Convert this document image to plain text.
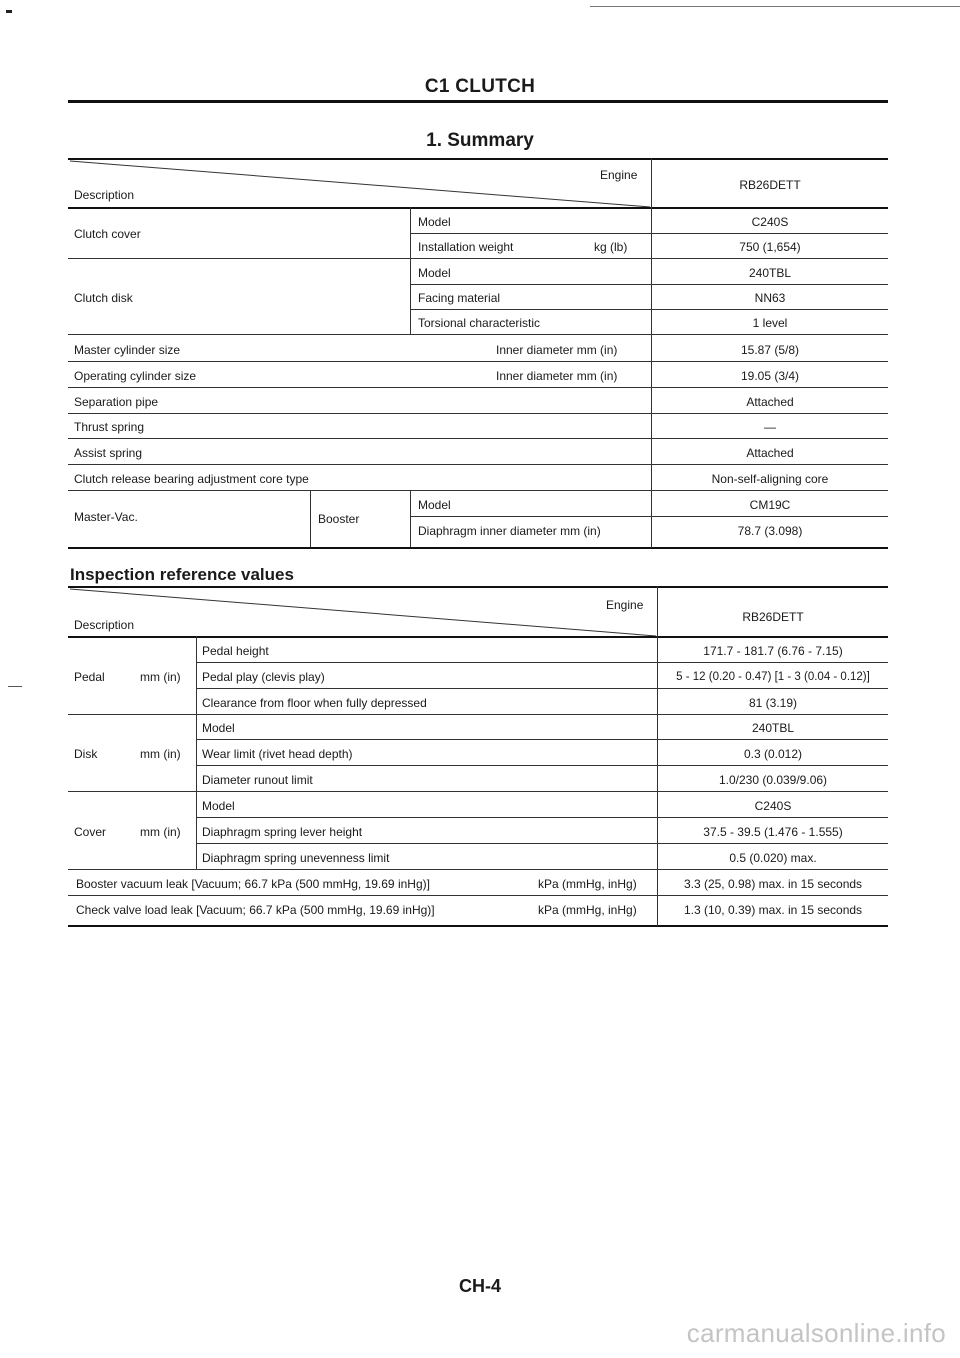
C1 CLUTCH
1. Summary
Engine
Description
RB26DETT
Clutch cover
Model	C240S
Installation weight	kg (lb)	750 (1,654)
Clutch disk
Model	240TBL
Facing material	NN63
Torsional characteristic	1 level
Master cylinder size	Inner diameter mm (in)	15.87 (5/8)
Operating cylinder size	Inner diameter mm (in)	19.05 (3/4)
Separation pipe	Attached
Thrust spring	—
Assist spring	Attached
Clutch release bearing adjustment core type	Non-self-aligning core
Master-Vac.	Booster
Model	CM19C
Diaphragm inner diameter mm (in)	78.7 (3.098)
Inspection reference values
Engine
Description
RB26DETT
Pedal	mm (in)
Pedal height	171.7 - 181.7 (6.76 - 7.15)
Pedal play (clevis play)	5 - 12 (0.20 - 0.47) [1 - 3 (0.04 - 0.12)]
Clearance from floor when fully depressed	81 (3.19)
Disk	mm (in)
Model	240TBL
Wear limit (rivet head depth)	0.3 (0.012)
Diameter runout limit	1.0/230 (0.039/9.06)
Cover	mm (in)
Model	C240S
Diaphragm spring lever height	37.5 - 39.5 (1.476 - 1.555)
Diaphragm spring unevenness limit	0.5 (0.020) max.
Booster vacuum leak [Vacuum; 66.7 kPa (500 mmHg, 19.69 inHg)]	kPa (mmHg, inHg)	3.3 (25, 0.98) max. in 15 seconds
Check valve load leak [Vacuum; 66.7 kPa (500 mmHg, 19.69 inHg)]	kPa (mmHg, inHg)	1.3 (10, 0.39) max. in 15 seconds
CH-4
carmanualsonline.info
